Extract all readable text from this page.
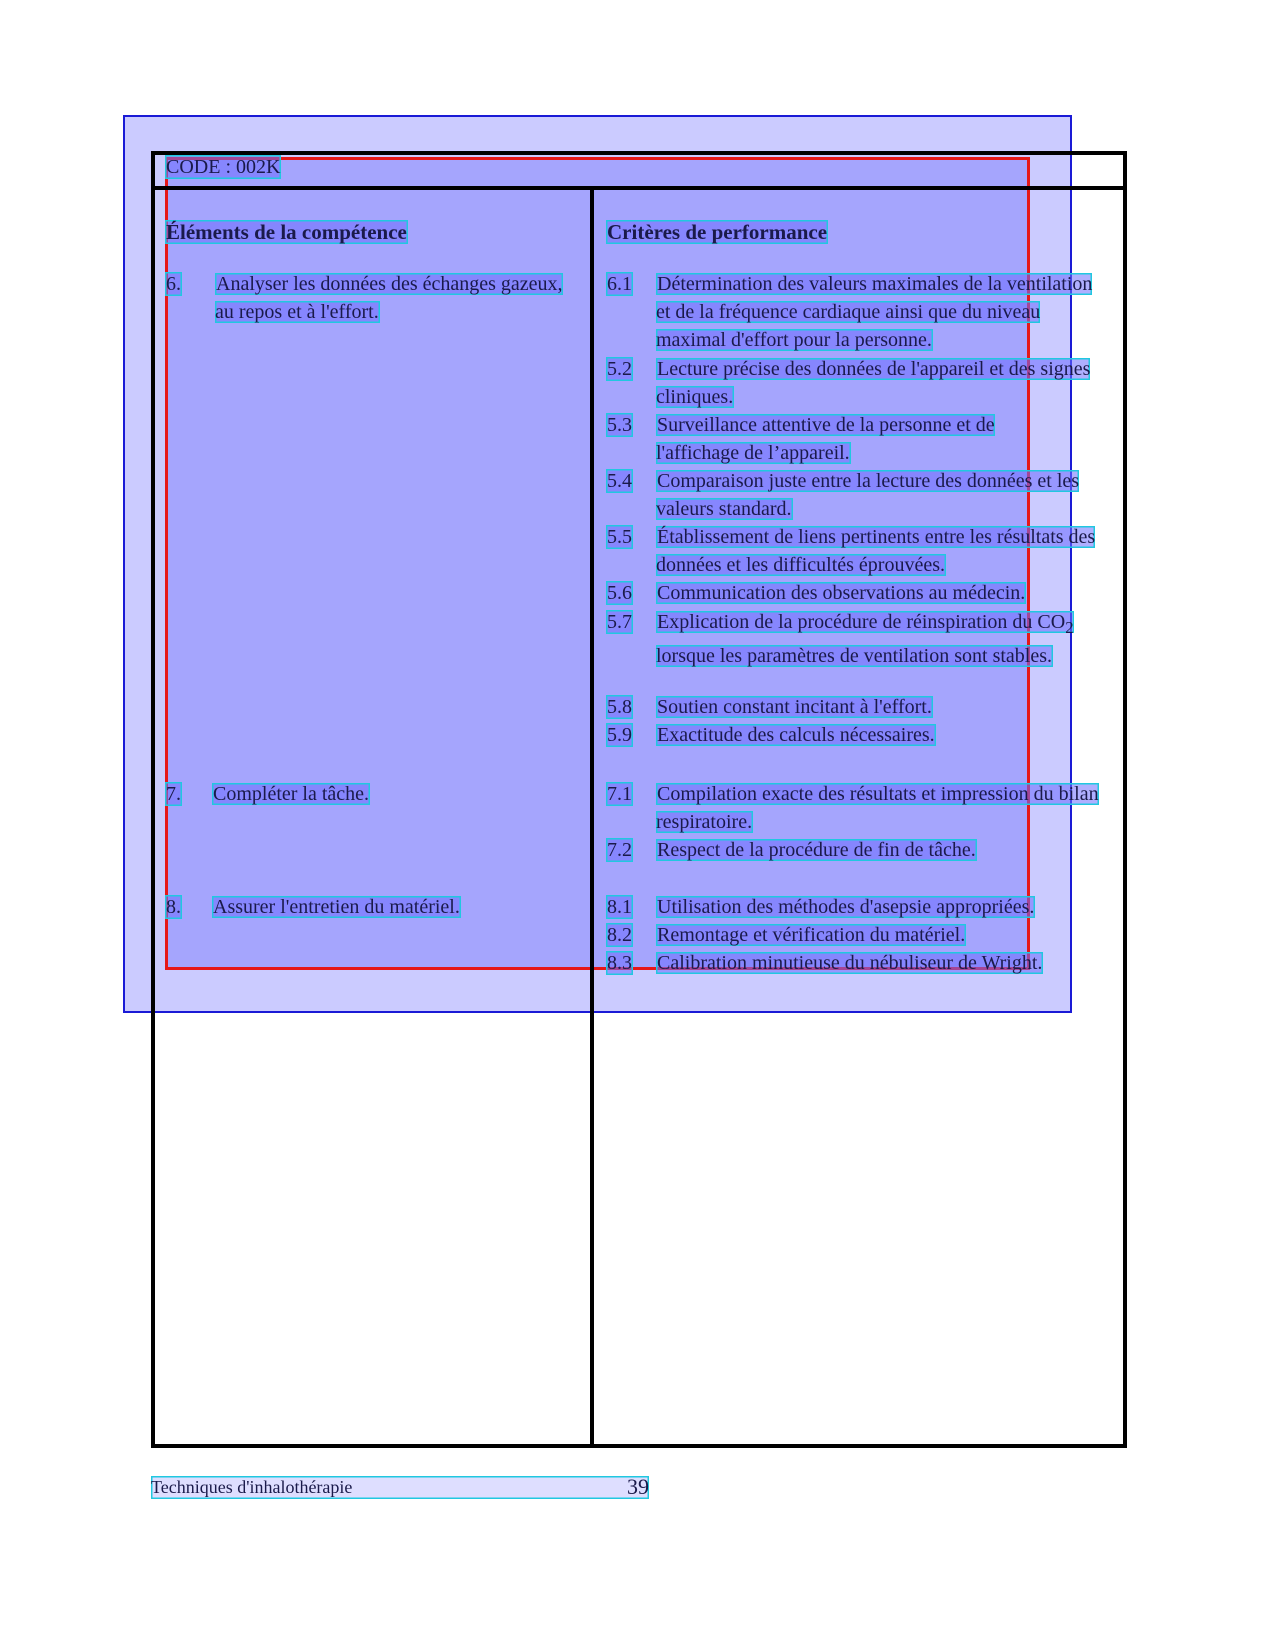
CODE : 002K
Éléments de la compétence	Critères de performance
6. Analyser les données des échanges gazeux, au repos et à l'effort.
7. Compléter la tâche.
8. Assurer l'entretien du matériel.
6.1 Détermination des valeurs maximales de la ventilation et de la fréquence cardiaque ainsi que du niveau maximal d'effort pour la personne.
5.2 Lecture précise des données de l'appareil et des signes cliniques.
5.3 Surveillance attentive de la personne et de l'affichage de l’appareil.
5.4 Comparaison juste entre la lecture des données et les valeurs standard.
5.5 Établissement de liens pertinents entre les résultats des données et les difficultés éprouvées.
5.6 Communication des observations au médecin.
5.7 Explication de la procédure de réinspiration du $CO_2$ lorsque les paramètres de ventilation sont stables.
5.8 Soutien constant incitant à l'effort.
5.9 Exactitude des calculs nécessaires.
7.1 Compilation exacte des résultats et impression du bilan respiratoire.
7.2 Respect de la procédure de fin de tâche.
8.1 Utilisation des méthodes d'asepsie appropriées.
8.2 Remontage et vérification du matériel.
8.3 Calibration minutieuse du nébuliseur de Wright.
Techniques d'inhalothérapie	39
